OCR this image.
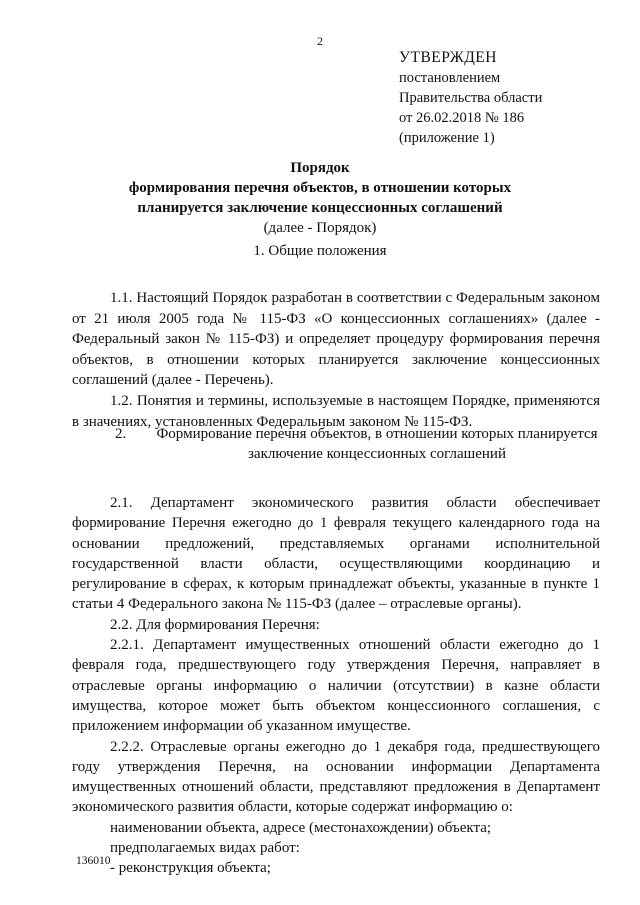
2
УТВЕРЖДЕН
постановлением
Правительства области
от 26.02.2018 № 186
(приложение 1)
Порядок
формирования перечня объектов, в отношении которых
планируется заключение концессионных соглашений
(далее - Порядок)
1. Общие положения

1.1. Настоящий Порядок разработан в соответствии с Федеральным законом от 21 июля 2005 года № 115-ФЗ «О концессионных соглашениях» (далее - Федеральный закон № 115-ФЗ) и определяет процедуру формирования перечня объектов, в отношении которых планируется заключение концессионных соглашений (далее - Перечень).

1.2. Понятия и термины, используемые в настоящем Порядке, применяются в значениях, установленных Федеральным законом № 115-ФЗ.

2.	Формирование перечня объектов, в отношении которых планируется заключение концессионных соглашений

2.1. Департамент экономического развития области обеспечивает формирование Перечня ежегодно до 1 февраля текущего календарного года на основании предложений, представляемых органами исполнительной государственной власти области, осуществляющими координацию и регулирование в сферах, к которым принадлежат объекты, указанные в пункте 1 статьи 4 Федерального закона № 115-ФЗ (далее – отраслевые органы).

2.2. Для формирования Перечня:

2.2.1. Департамент имущественных отношений области ежегодно до 1 февраля года, предшествующего году утверждения Перечня, направляет в отраслевые органы информацию о наличии (отсутствии) в казне области имущества, которое может быть объектом концессионного соглашения, с приложением информации об указанном имуществе.

2.2.2. Отраслевые органы ежегодно до 1 декабря года, предшествующего году утверждения Перечня, на основании информации Департамента имущественных отношений области, представляют предложения в Департамент экономического развития области, которые содержат информацию о:

наименовании объекта, адресе (местонахождении) объекта;

предполагаемых видах работ:

- реконструкция объекта;

136010
